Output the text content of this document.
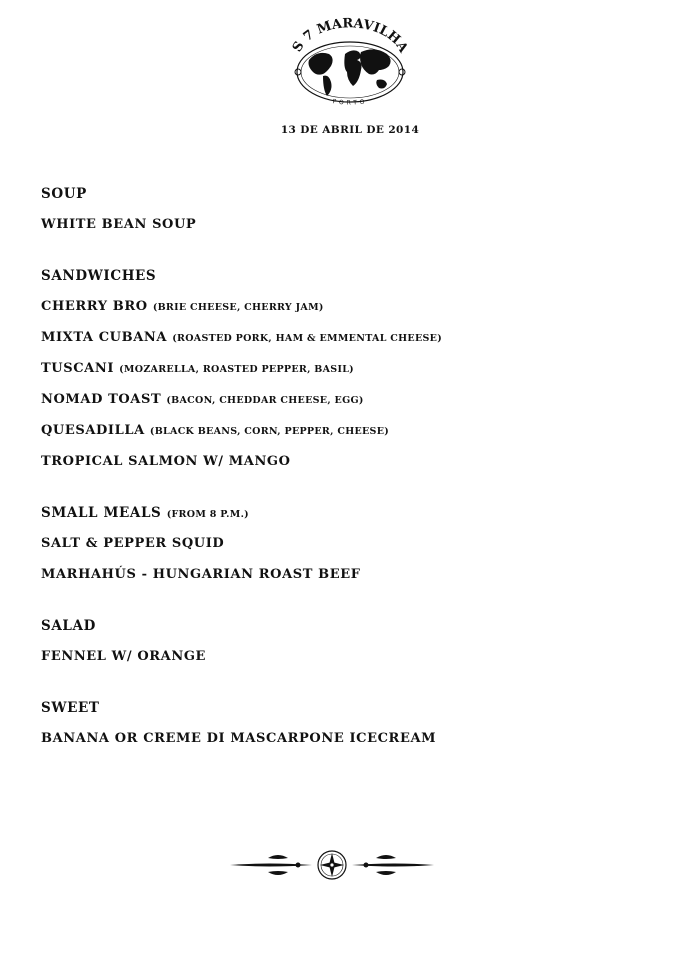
S 7 MARAVILHA
PORTO
13 DE ABRIL DE 2014
SOUP
WHITE BEAN SOUP
SANDWICHES
CHERRY BRO (BRIE CHEESE, CHERRY JAM)
MIXTA CUBANA (ROASTED PORK, HAM & EMMENTAL CHEESE)
TUSCANI (MOZARELLA, ROASTED PEPPER, BASIL)
NOMAD TOAST (BACON, CHEDDAR CHEESE, EGG)
QUESADILLA (BLACK BEANS, CORN, PEPPER, CHEESE)
TROPICAL SALMON W/ MANGO
SMALL MEALS (FROM 8 P.M.)
SALT & PEPPER SQUID
MARHAHÚS - HUNGARIAN ROAST BEEF
SALAD
FENNEL W/ ORANGE
SWEET
BANANA OR CREME DI MASCARPONE ICECREAM
